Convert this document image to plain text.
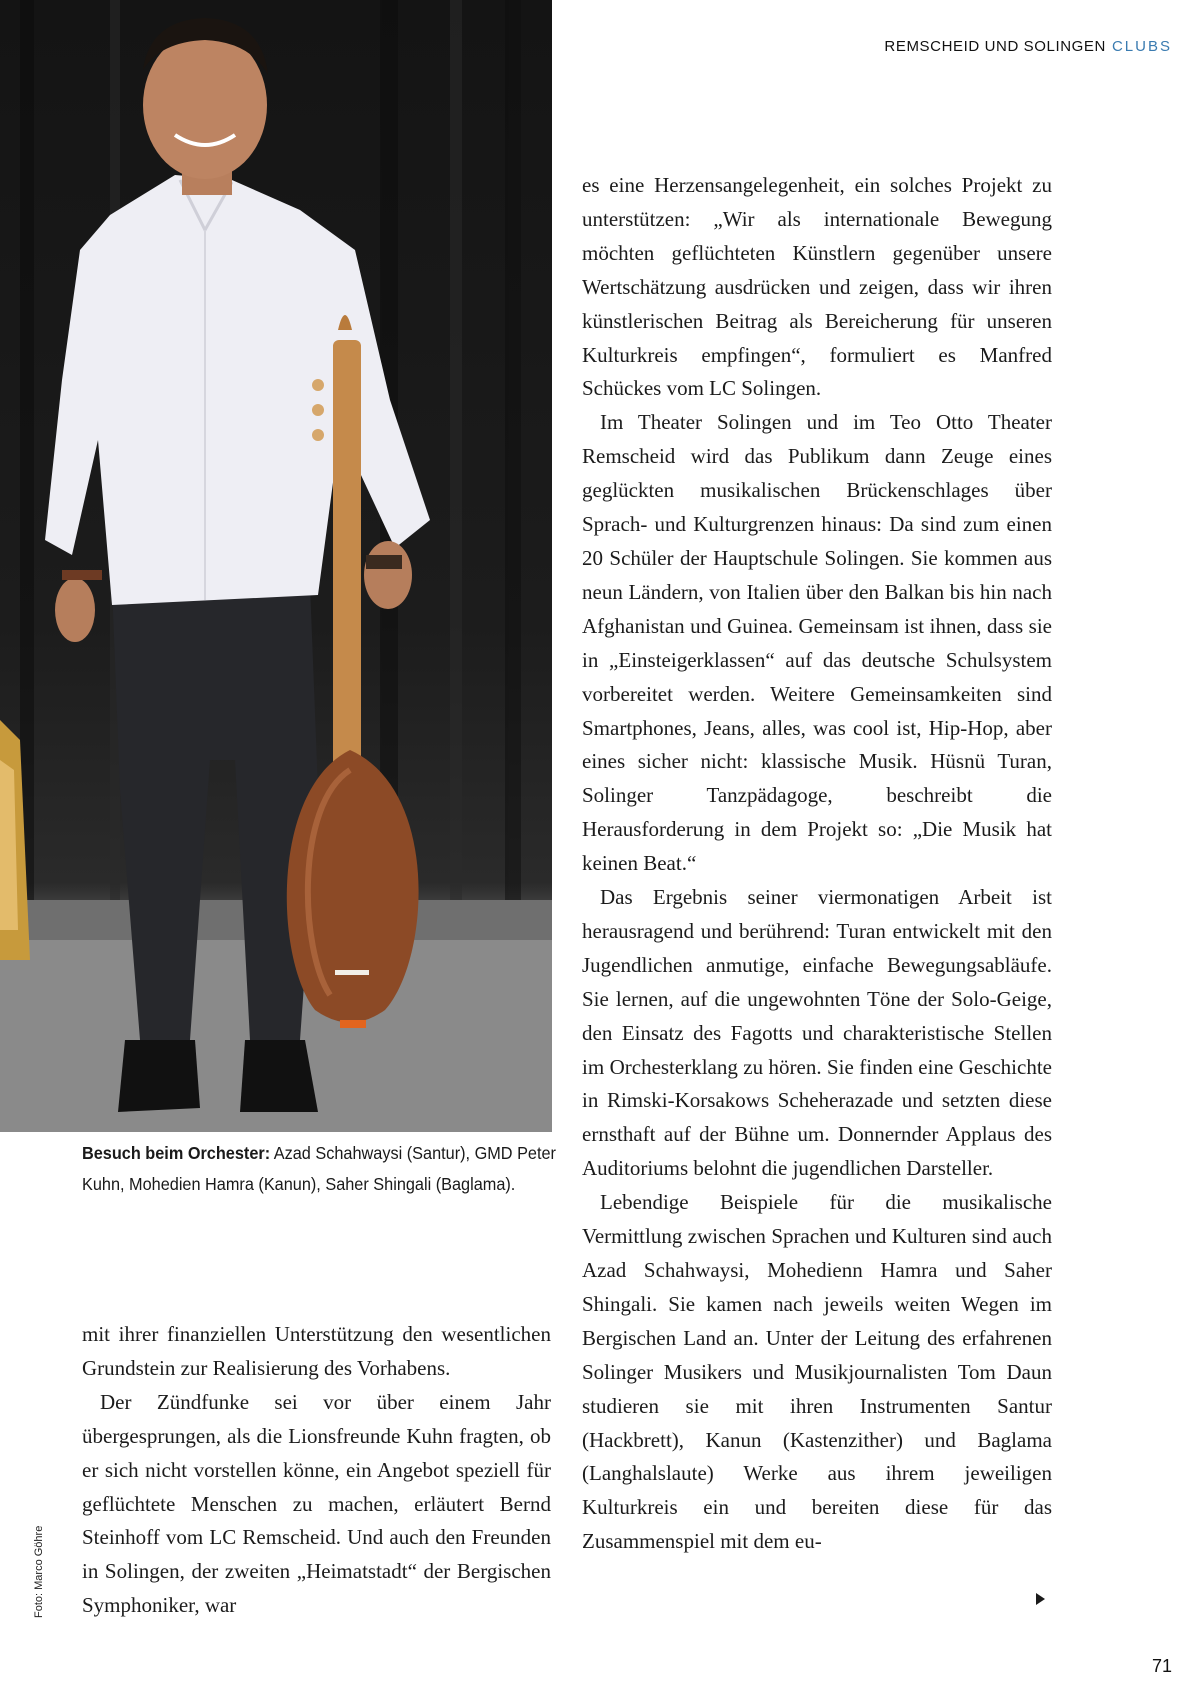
REMSCHEID UND SOLINGEN CLUBS
Foto: Marco Göhre
Besuch beim Orchester: Azad Schahwaysi (Santur), GMD Peter Kuhn, Mohedien Hamra (Kanun), Saher Shingali (Baglama).

mit ihrer finanziellen Unterstützung den wesentlichen Grundstein zur Realisierung des Vorhabens.

Der Zündfunke sei vor über einem Jahr übergesprungen, als die Lionsfreunde Kuhn fragten, ob er sich nicht vorstellen könne, ein Angebot speziell für geflüchtete Menschen zu machen, erläutert Bernd Steinhoff vom LC Remscheid. Und auch den Freunden in Solingen, der zweiten „Heimatstadt“ der Bergischen Symphoniker, war

es eine Herzensangelegenheit, ein solches Projekt zu unterstützen: „Wir als internationale Bewegung möchten geflüchteten Künstlern gegenüber unsere Wertschätzung ausdrücken und zeigen, dass wir ihren künstlerischen Beitrag als Bereicherung für unseren Kulturkreis empfingen“, formuliert es Manfred Schückes vom LC Solingen.

Im Theater Solingen und im Teo Otto Theater Remscheid wird das Publikum dann Zeuge eines geglückten musikalischen Brückenschlages über Sprach- und Kulturgrenzen hinaus: Da sind zum einen 20 Schüler der Hauptschule Solingen. Sie kommen aus neun Ländern, von Italien über den Balkan bis hin nach Afghanistan und Guinea. Gemeinsam ist ihnen, dass sie in „Einsteigerklassen“ auf das deutsche Schulsystem vorbereitet werden. Weitere Gemeinsamkeiten sind Smartphones, Jeans, alles, was cool ist, Hip-Hop, aber eines sicher nicht: klassische Musik. Hüsnü Turan, Solinger Tanzpädagoge, beschreibt die Herausforderung in dem Projekt so: „Die Musik hat keinen Beat.“

Das Ergebnis seiner viermonatigen Arbeit ist herausragend und berührend: Turan entwickelt mit den Jugendlichen anmutige, einfache Bewegungsabläufe. Sie lernen, auf die ungewohnten Töne der Solo-Geige, den Einsatz des Fagotts und charakteristische Stellen im Orchesterklang zu hören. Sie finden eine Geschichte in Rimski-Korsakows Scheherazade und setzten diese ernsthaft auf der Bühne um. Donnernder Applaus des Auditoriums belohnt die jugendlichen Darsteller.

Lebendige Beispiele für die musikalische Vermittlung zwischen Sprachen und Kulturen sind auch Azad Schahwaysi, Mohedienn Hamra und Saher Shingali. Sie kamen nach jeweils weiten Wegen im Bergischen Land an. Unter der Leitung des erfahrenen Solinger Musikers und Musikjournalisten Tom Daun studieren sie mit ihren Instrumenten Santur (Hackbrett), Kanun (Kastenzither) und Baglama (Langhalslaute) Werke aus ihrem jeweiligen Kulturkreis ein und bereiten diese für das Zusammenspiel mit dem eu-

71
